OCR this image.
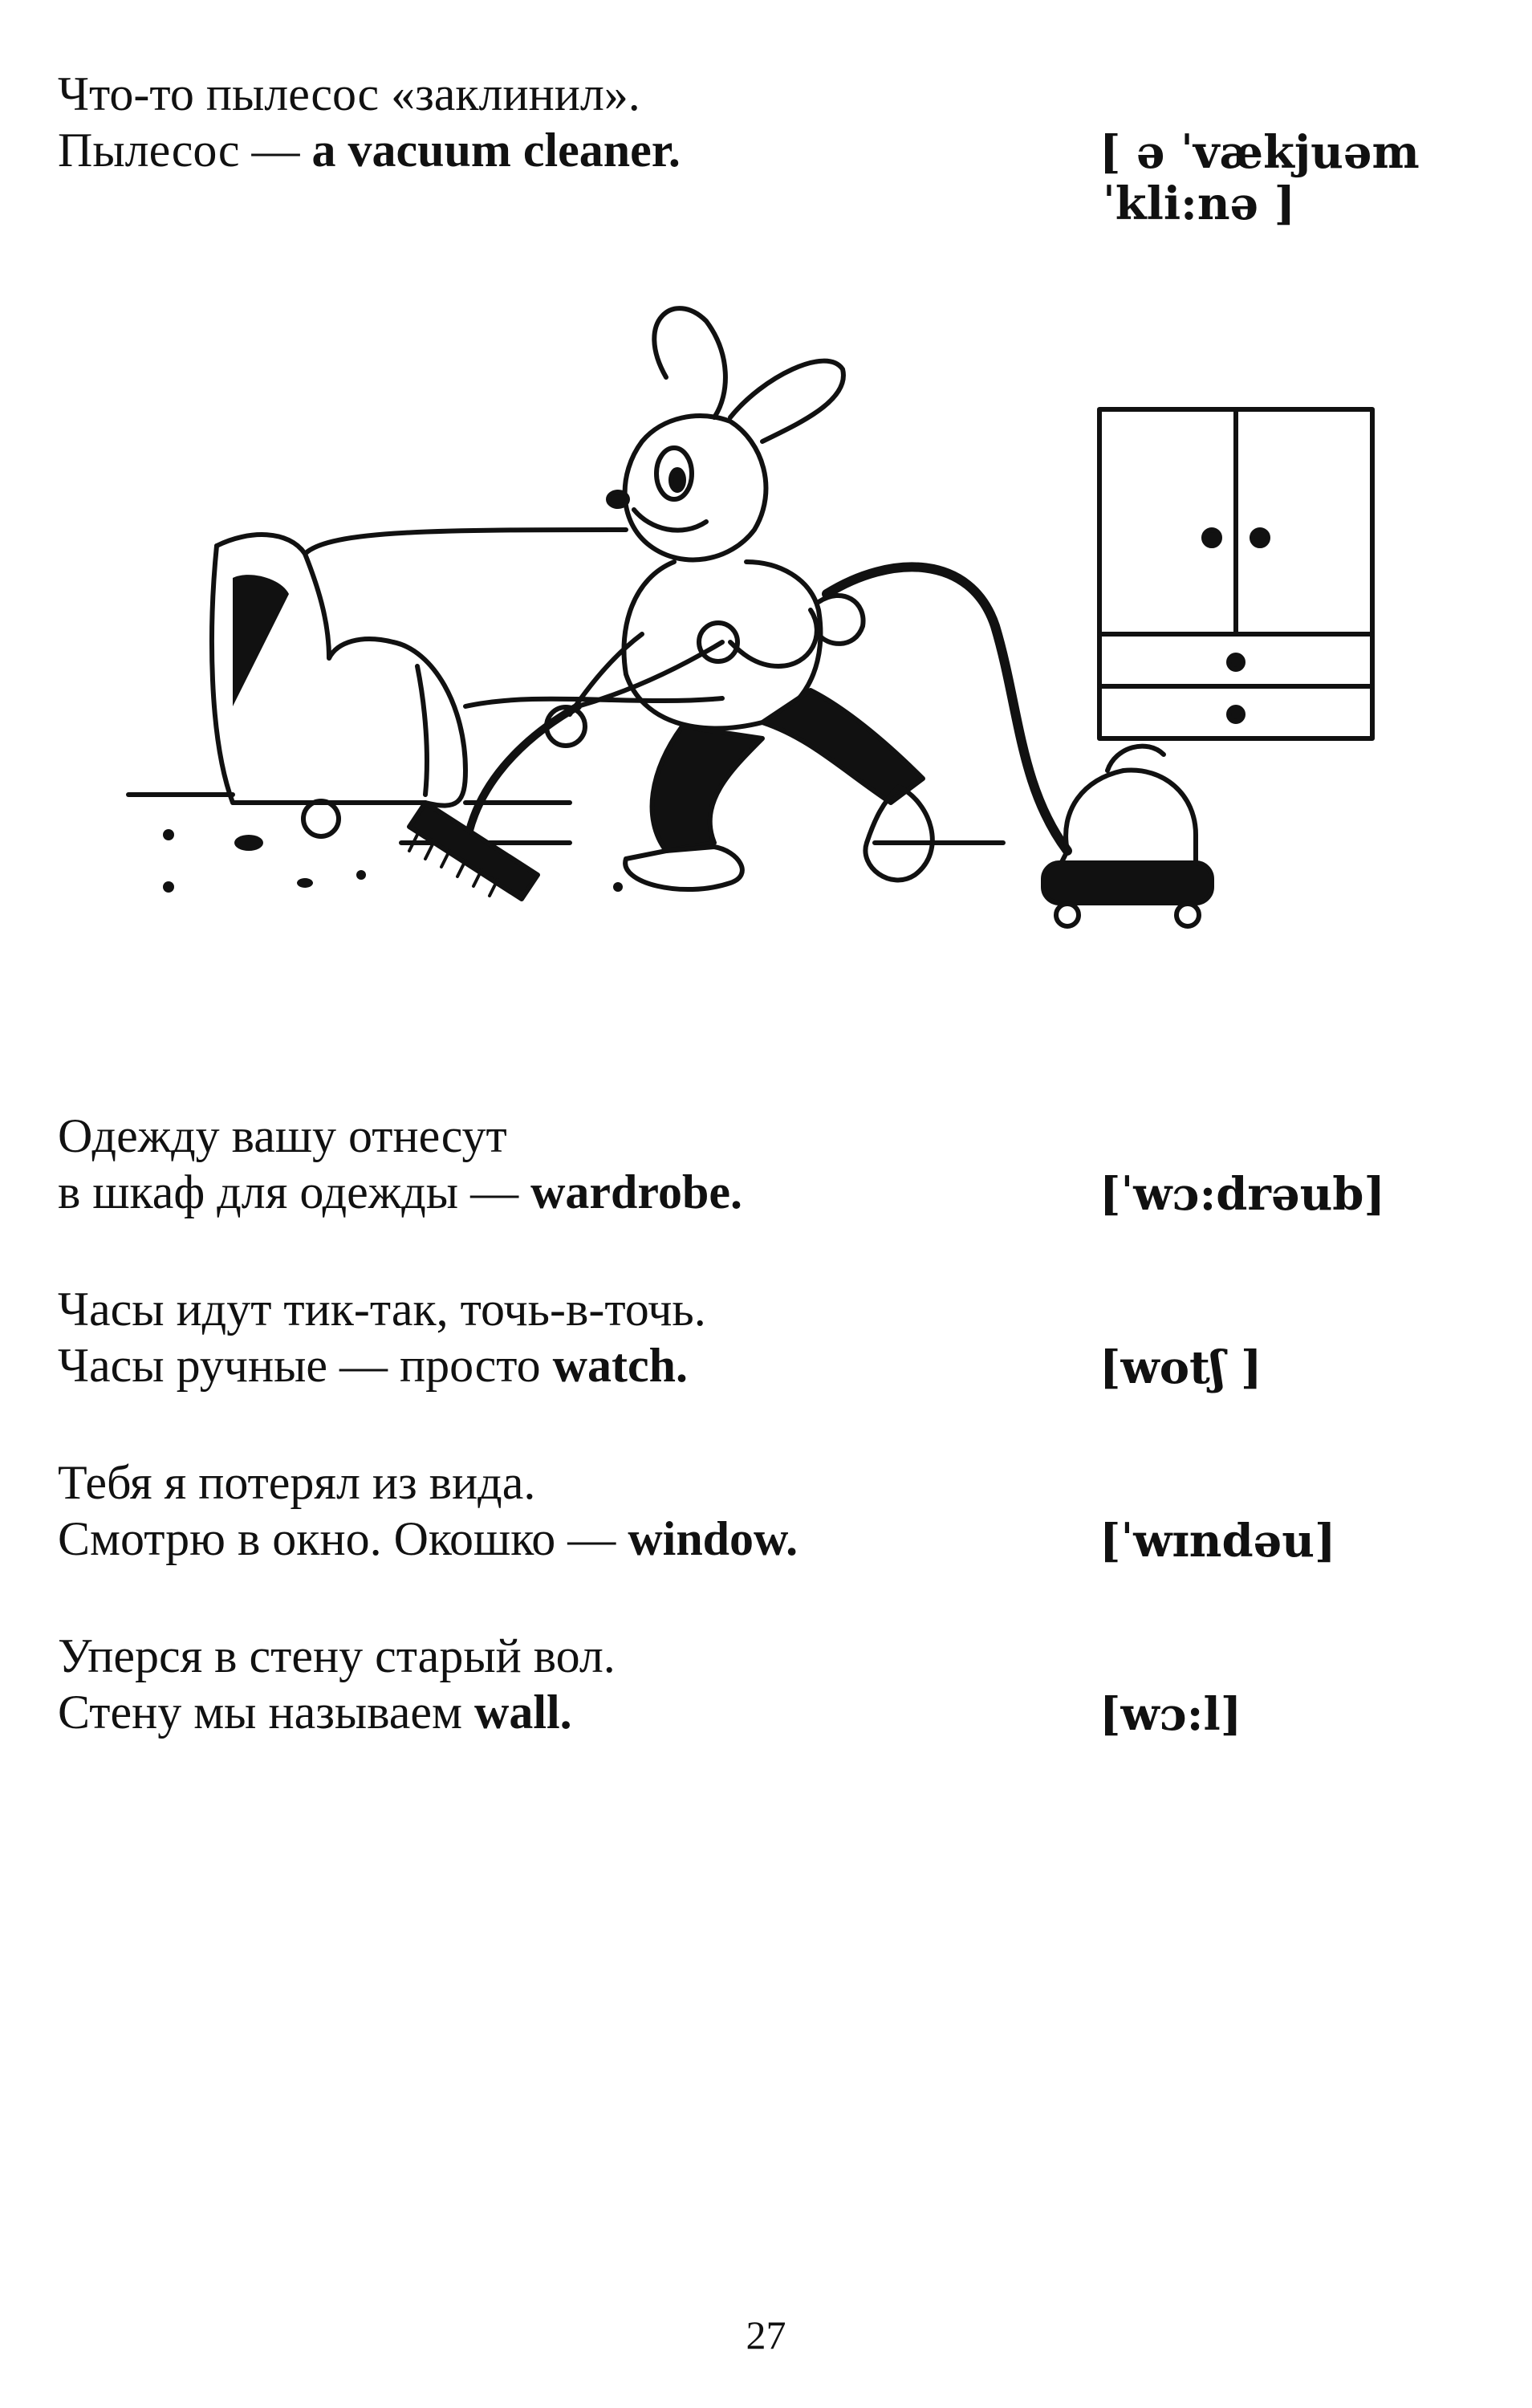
Что-то пылесос «заклинил».
Пылесос — a vacuum cleaner.	[ ə ˈvækjuəm
ˈkli:nə ]
Одежду вашу отнесут
в шкаф для одежды — wardrobe.	[ˈwɔ:drəub]
Часы идут тик-так, точь-в-точь.
Часы ручные — просто watch.	[wotʃ ]
Тебя я потерял из вида.
Смотрю в окно. Окошко — window.	[ˈwɪndəu]
Уперся в стену старый вол.
Стену мы называем wall.	[wɔ:l]
27
